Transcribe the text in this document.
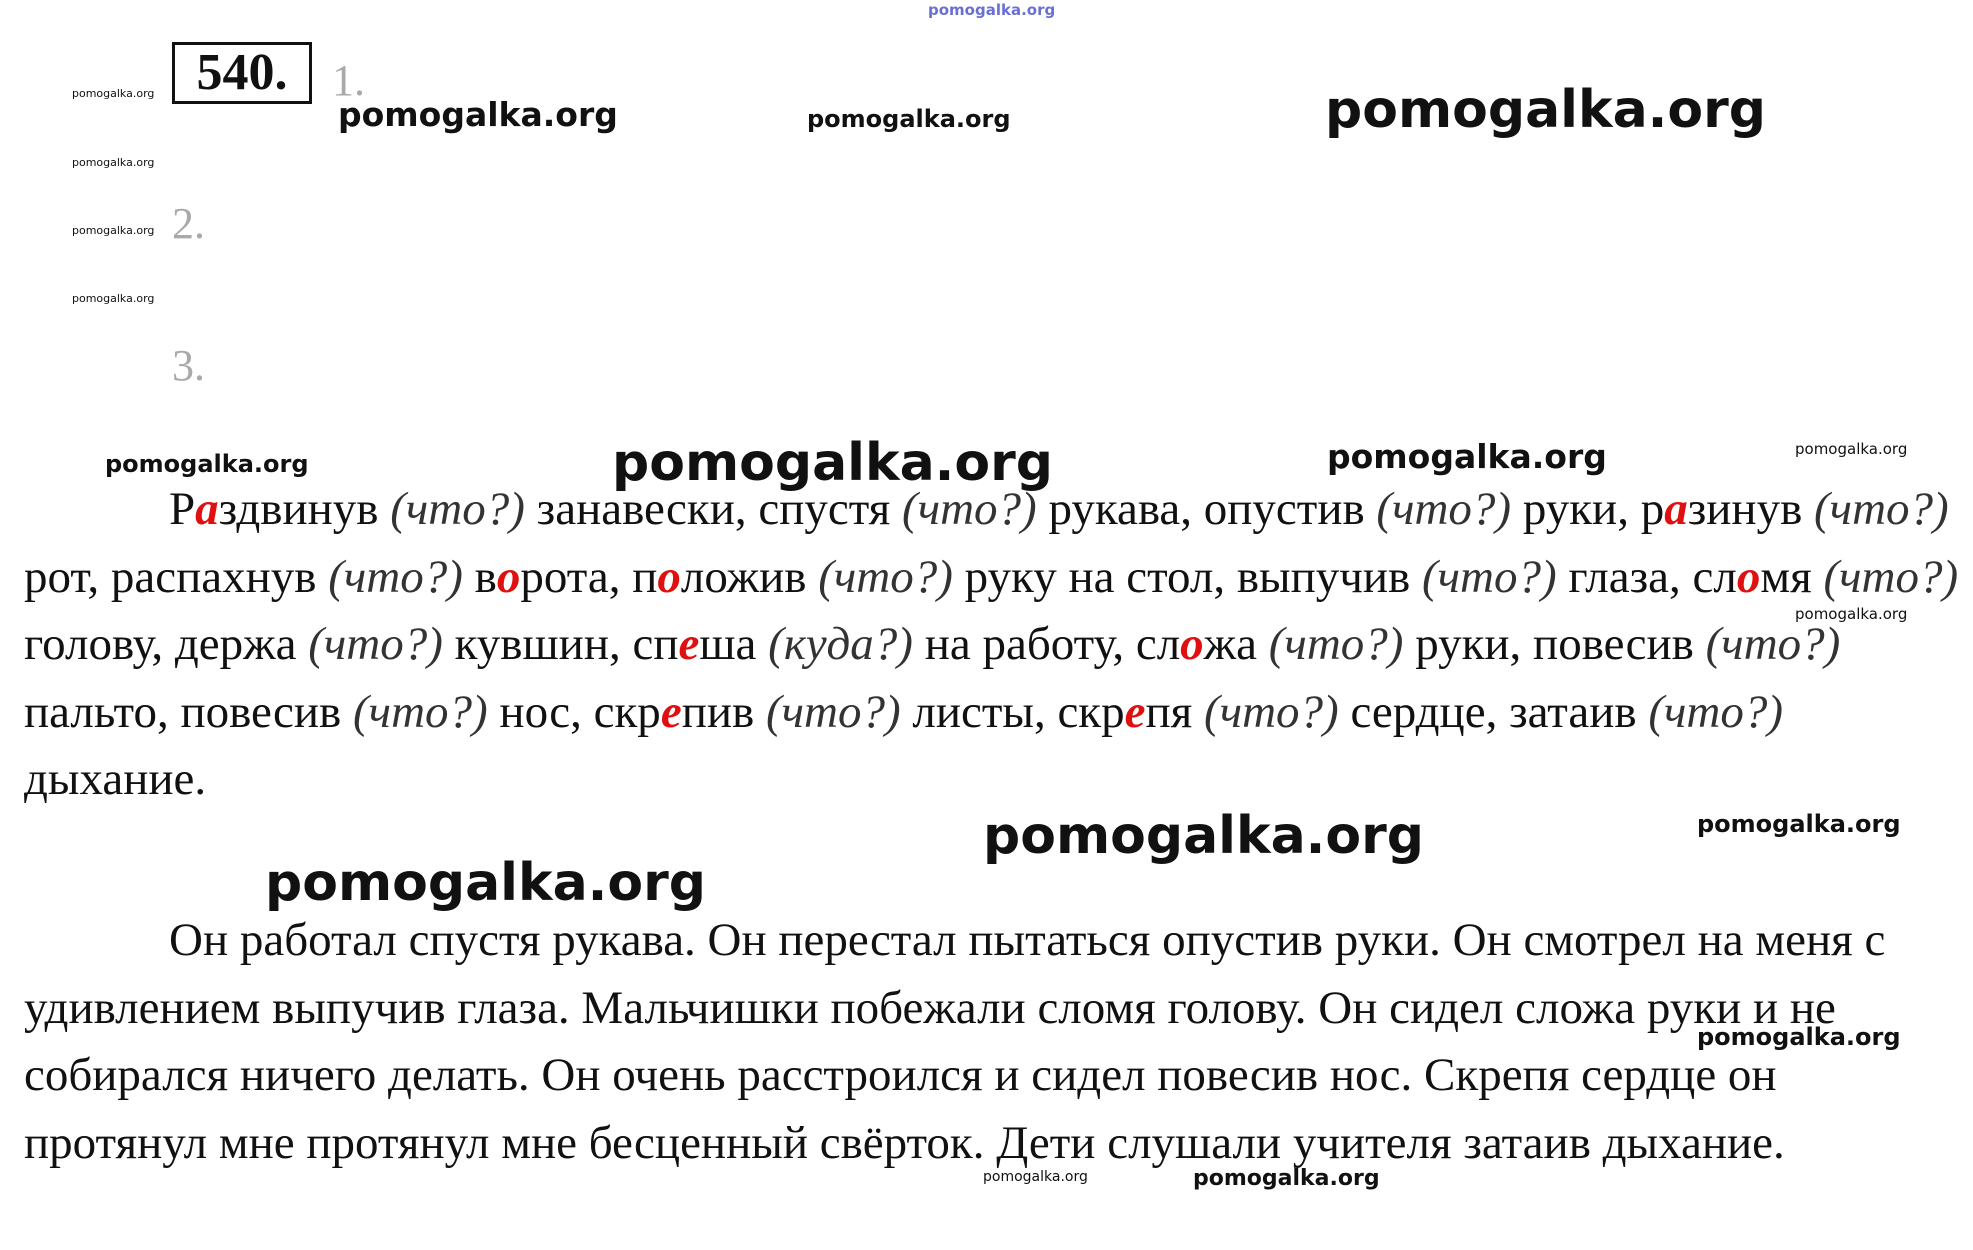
pomogalka.org
pomogalka.org
pomogalka.org
pomogalka.org
pomogalka.org
pomogalka.org	pomogalka.org	pomogalka.org
pomogalka.org	pomogalka.org	pomogalka.org	pomogalka.org
pomogalka.org
pomogalka.org	pomogalka.org
pomogalka.org
pomogalka.org
pomogalka.org	pomogalka.org
540.	1.
2.
3.

Раздвинув (что?) занавески, спустя (что?) рукава, опустив (что?) руки, разинув (что?) рот, распахнув (что?) ворота, положив (что?) руку на стол, выпучив (что?) глаза, сломя (что?) голову, держа (что?) кувшин, спеша (куда?) на работу, сложа (что?) руки, повесив (что?) пальто, повесив (что?) нос, скрепив (что?) листы, скрепя (что?) сердце, затаив (что?) дыхание.

Он работал спустя рукава. Он перестал пытаться опустив руки. Он смотрел на меня с удивлением выпучив глаза. Мальчишки побежали сломя голову. Он сидел сложа руки и не собирался ничего делать. Он очень расстроился и сидел повесив нос. Скрепя сердце он протянул мне протянул мне бесценный свёрток. Дети слушали учителя затаив дыхание.
